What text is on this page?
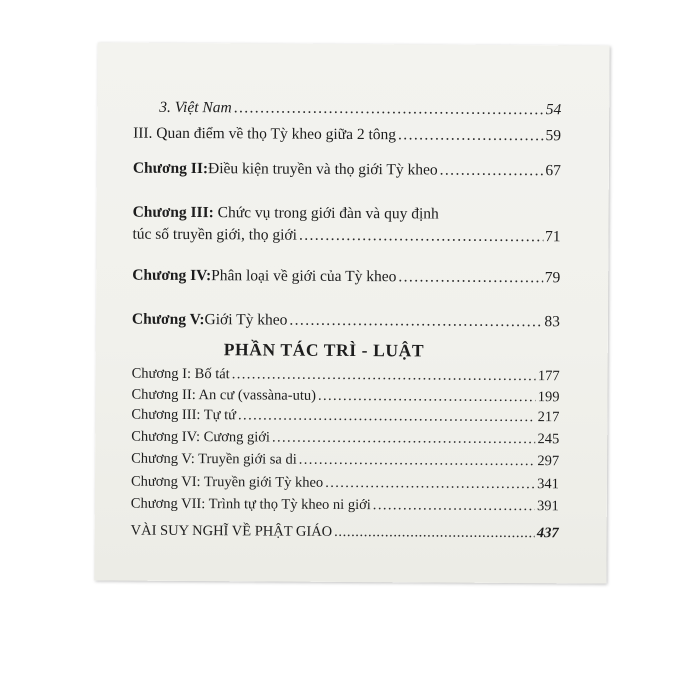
3. Việt Nam .....	54
III. Quan điểm về thọ Tỳ kheo giữa 2 tông .....	59
Chương II: Điều kiện truyền và thọ giới Tỳ kheo .....	67
Chương III: Chức vụ trong giới đàn và quy định
túc số truyền giới, thọ giới .....	71
Chương IV: Phân loại về giới của Tỳ kheo .....	79
Chương V: Giới Tỳ kheo .....	83
PHẦN TÁC TRÌ - LUẬT
Chương I: Bố tát .....	177
Chương II: An cư (vassàna-utu) .....	199
Chương III: Tự tứ .....	217
Chương IV: Cương giới .....	245
Chương V: Truyền giới sa di .....	297
Chương VI: Truyền giới Tỳ kheo .....	341
Chương VII: Trình tự thọ Tỳ kheo ni giới .....	391
VÀI SUY NGHĨ VỀ PHẬT GIÁO .....	437
